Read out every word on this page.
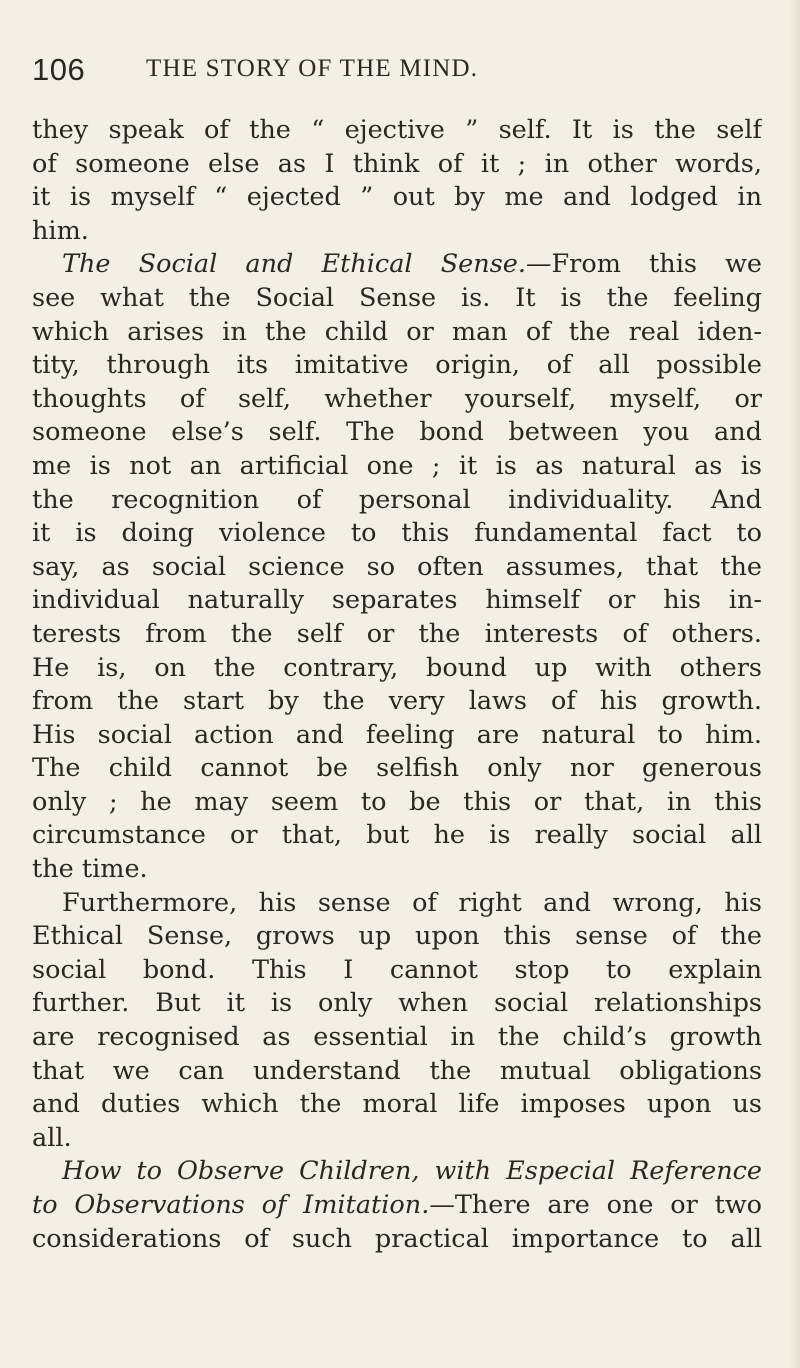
106 THE STORY OF THE MIND.
they speak of the “ ejective ” self. It is the self
of someone else as I think of it ; in other words,
it is myself “ ejected ” out by me and lodged in
him.
The Social and Ethical Sense.—From this we
see what the Social Sense is. It is the feeling
which arises in the child or man of the real iden-
tity, through its imitative origin, of all possible
thoughts of self, whether yourself, myself, or
someone else’s self. The bond between you and
me is not an artificial one ; it is as natural as is
the recognition of personal individuality. And
it is doing violence to this fundamental fact to
say, as social science so often assumes, that the
individual naturally separates himself or his in-
terests from the self or the interests of others.
He is, on the contrary, bound up with others
from the start by the very laws of his growth.
His social action and feeling are natural to him.
The child cannot be selfish only nor generous
only ; he may seem to be this or that, in this
circumstance or that, but he is really social all
the time.
Furthermore, his sense of right and wrong, his
Ethical Sense, grows up upon this sense of the
social bond. This I cannot stop to explain
further. But it is only when social relationships
are recognised as essential in the child’s growth
that we can understand the mutual obligations
and duties which the moral life imposes upon us
all.
How to Observe Children, with Especial Reference
to Observations of Imitation.—There are one or two
considerations of such practical importance to all
